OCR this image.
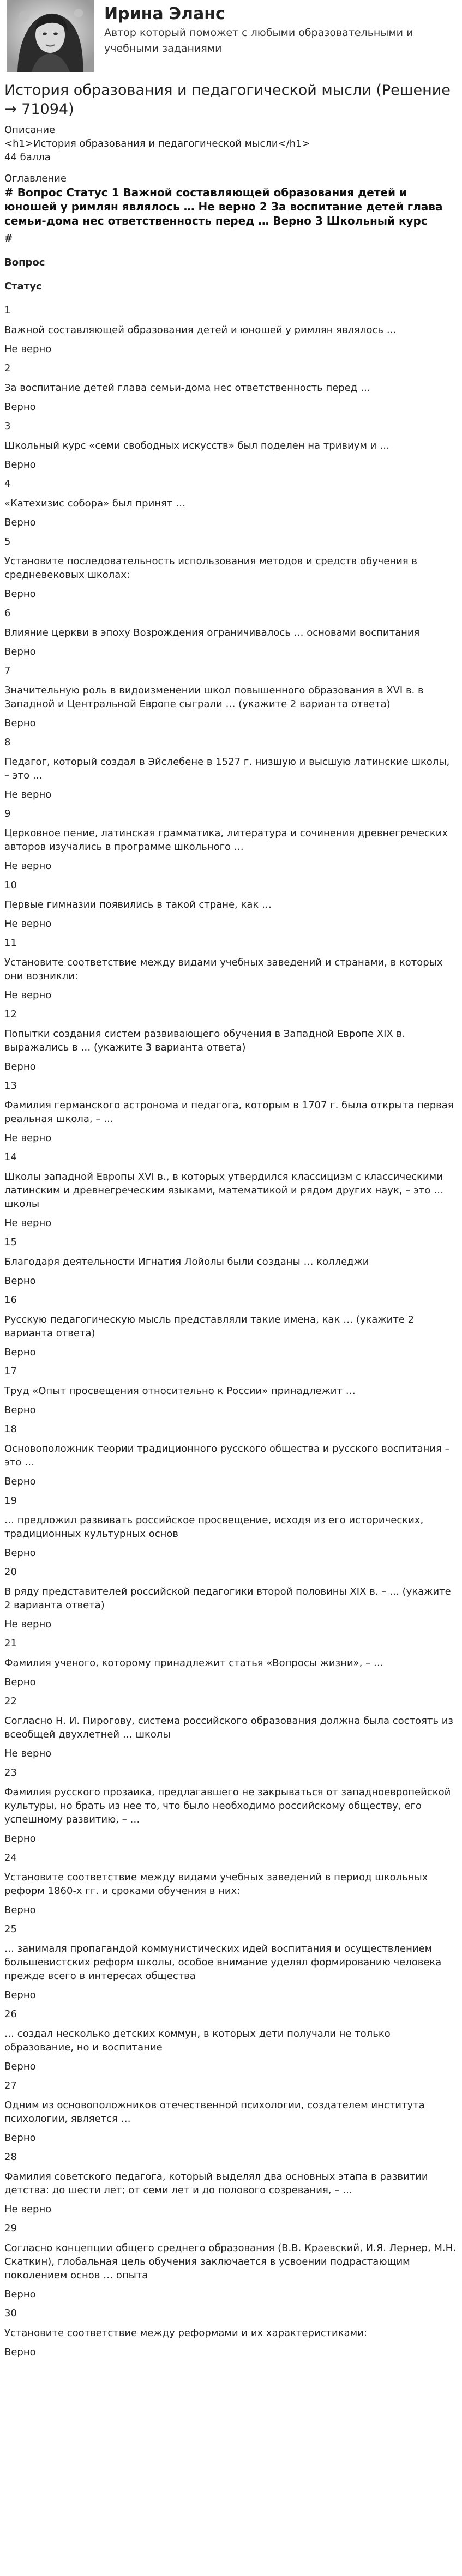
Ирина Эланс
Автор который поможет с любыми образовательными и учебными заданиями
История образования и педагогической мысли (Решение → 71094)

Описание

<h1>История образования и педагогической мысли</h1>

44 балла

Оглавление

# Вопрос Статус 1 Важной составляющей образования детей и юношей у римлян являлось … Не верно 2 За воспитание детей глава семьи-дома нес ответственность перед … Верно 3 Школьный курс

#

Вопрос

Статус

1

Важной составляющей образования детей и юношей у римлян являлось …

Не верно

2

За воспитание детей глава семьи-дома нес ответственность перед …

Верно

3

Школьный курс «семи свободных искусств» был поделен на тривиум и …

Верно

4

«Катехизис собора» был принят …

Верно

5

Установите последовательность использования методов и средств обучения в средневековых школах:

Верно

6

Влияние церкви в эпоху Возрождения ограничивалось … основами воспитания

Верно

7

Значительную роль в видоизменении школ повышенного образования в XVI в. в Западной и Центральной Европе сыграли … (укажите 2 варианта ответа)

Верно

8

Педагог, который создал в Эйслебене в 1527 г. низшую и высшую латинские школы, – это …

Не верно

9

Церковное пение, латинская грамматика, литература и сочинения древнегреческих авторов изучались в программе школьного …

Не верно

10

Первые гимназии появились в такой стране, как …

Не верно

11

Установите соответствие между видами учебных заведений и странами, в которых они возникли:

Не верно

12

Попытки создания систем развивающего обучения в Западной Европе XIX в. выражались в … (укажите 3 варианта ответа)

Верно

13

Фамилия германского астронома и педагога, которым в 1707 г. была открыта первая реальная школа, – …

Не верно

14

Школы западной Европы XVI в., в которых утвердился классицизм с классическими латинским и древнегреческим языками, математикой и рядом других наук, – это … школы

Не верно

15

Благодаря деятельности Игнатия Лойолы были созданы … колледжи

Верно

16

Русскую педагогическую мысль представляли такие имена, как … (укажите 2 варианта ответа)

Верно

17

Труд «Опыт просвещения относительно к России» принадлежит …

Верно

18

Основоположник теории традиционного русского общества и русского воспитания – это …

Верно

19

… предложил развивать российское просвещение, исходя из его исторических, традиционных культурных основ

Верно

20

В ряду представителей российской педагогики второй половины XIX в. – … (укажите 2 варианта ответа)

Не верно

21

Фамилия ученого, которому принадлежит статья «Вопросы жизни», – …

Верно

22

Согласно Н. И. Пирогову, система российского образования должна была состоять из всеобщей двухлетней … школы

Не верно

23

Фамилия русского прозаика, предлагавшего не закрываться от западноевропейской культуры, но брать из нее то, что было необходимо российскому обществу, его успешному развитию, – …

Верно

24

Установите соответствие между видами учебных заведений в период школьных реформ 1860-х гг. и сроками обучения в них:

Верно

25

… занималя пропагандой коммунистических идей воспитания и осуществлением большевистских реформ школы, особое внимание уделял формированию человека прежде всего в интересах общества

Верно

26

… создал несколько детских коммун, в которых дети получали не только образование, но и воспитание

Верно

27

Одним из основоположников отечественной психологии, создателем института психологии, является …

Верно

28

Фамилия советского педагога, который выделял два основных этапа в развитии детства: до шести лет; от семи лет и до полового созревания, – …

Не верно

29

Согласно концепции общего среднего образования (В.В. Краевский, И.Я. Лернер, М.Н. Скаткин), глобальная цель обучения заключается в усвоении подрастающим поколением основ … опыта

Верно

30

Установите соответствие между реформами и их характеристиками:

Верно
